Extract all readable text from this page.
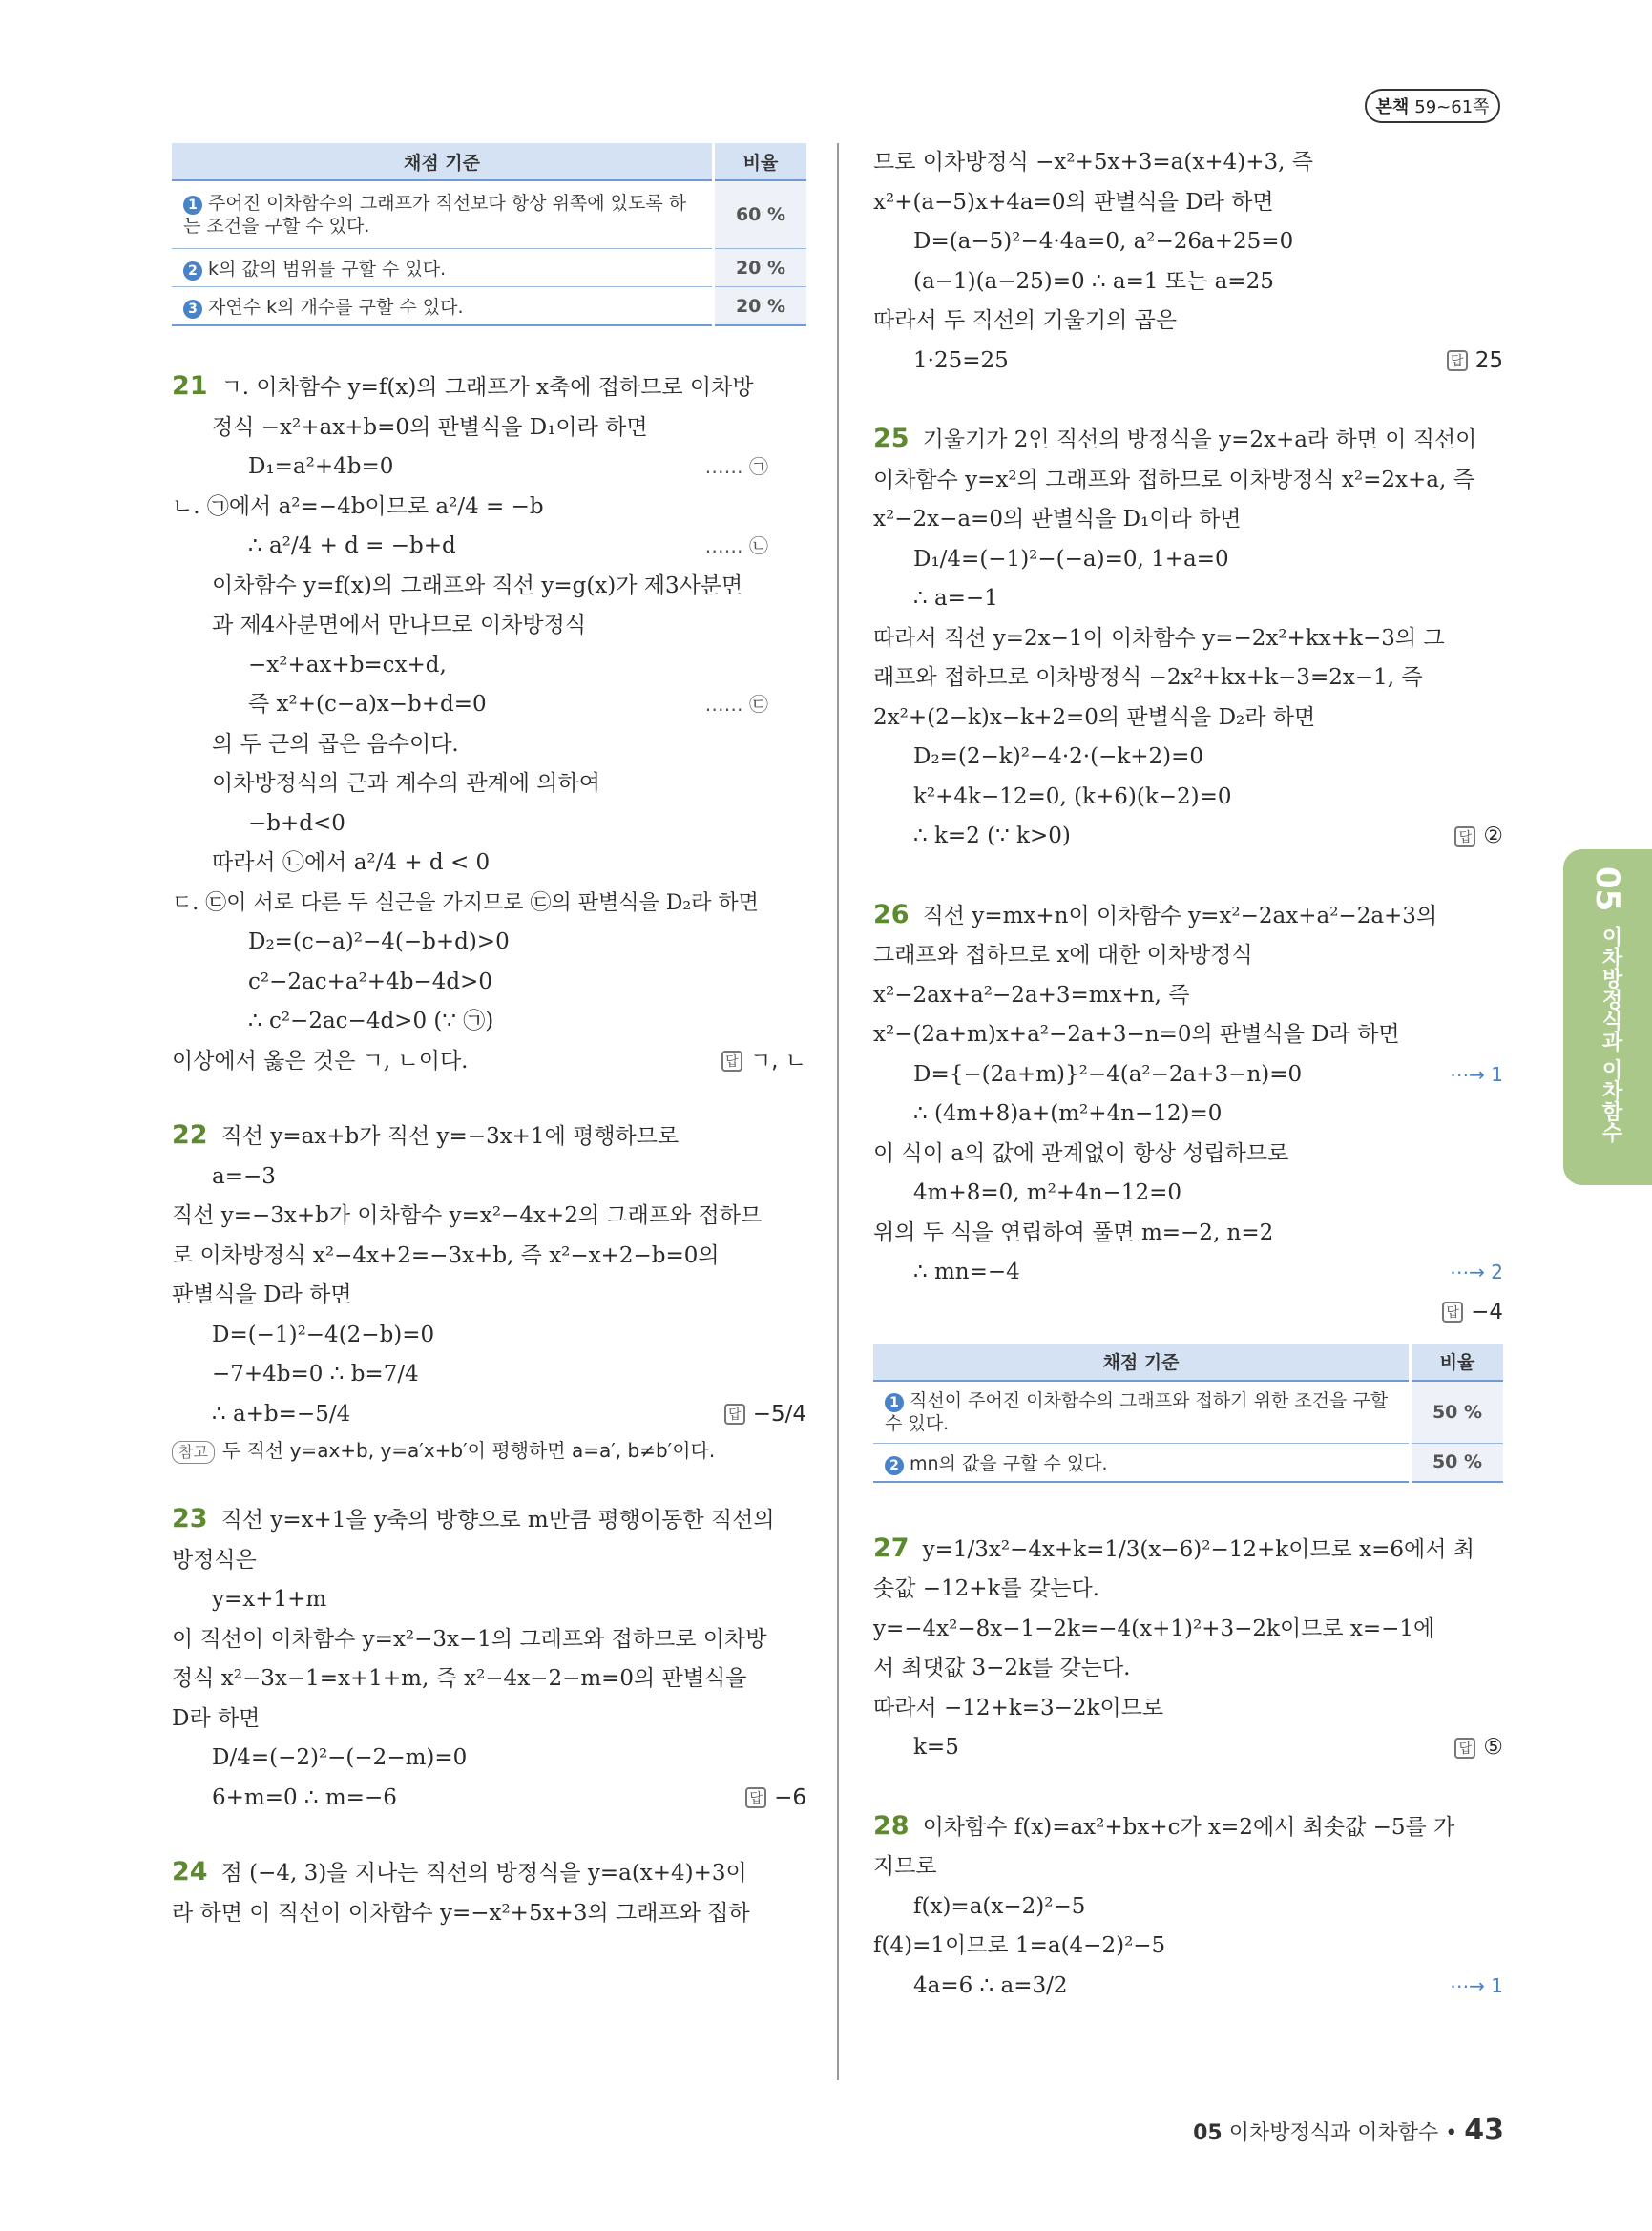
본책 59~61쪽
채점 기준	비율
1 주어진 이차함수의 그래프가 직선보다 항상 위쪽에 있도록 하는 조건을 구할 수 있다.	60 %
2 k의 값의 범위를 구할 수 있다.	20 %
3 자연수 k의 개수를 구할 수 있다.	20 %
21 ㄱ. 이차함수 y=f(x)의 그래프가 x축에 접하므로 이차방
정식 −x²+ax+b=0의 판별식을 D₁이라 하면
D₁=a²+4b=0	…… ㉠
ㄴ. ㉠에서 a²=−4b이므로 a²/4 = −b
∴ a²/4 + d = −b+d	…… ㉡
이차함수 y=f(x)의 그래프와 직선 y=g(x)가 제3사분면
과 제4사분면에서 만나므로 이차방정식
−x²+ax+b=cx+d,
즉 x²+(c−a)x−b+d=0	…… ㉢
의 두 근의 곱은 음수이다.
이차방정식의 근과 계수의 관계에 의하여
−b+d<0
따라서 ㉡에서 a²/4 + d < 0
ㄷ. ㉢이 서로 다른 두 실근을 가지므로 ㉢의 판별식을 D₂라 하면
D₂=(c−a)²−4(−b+d)>0
c²−2ac+a²+4b−4d>0
∴ c²−2ac−4d>0 (∵ ㉠)
이상에서 옳은 것은 ㄱ, ㄴ이다.	답 ㄱ, ㄴ
22 직선 y=ax+b가 직선 y=−3x+1에 평행하므로
a=−3
직선 y=−3x+b가 이차함수 y=x²−4x+2의 그래프와 접하므
로 이차방정식 x²−4x+2=−3x+b, 즉 x²−x+2−b=0의
판별식을 D라 하면
D=(−1)²−4(2−b)=0
−7+4b=0 ∴ b=7/4
∴ a+b=−5/4	답 −5/4
참고 두 직선 y=ax+b, y=a′x+b′이 평행하면 a=a′, b≠b′이다.
23 직선 y=x+1을 y축의 방향으로 m만큼 평행이동한 직선의
방정식은
y=x+1+m
이 직선이 이차함수 y=x²−3x−1의 그래프와 접하므로 이차방
정식 x²−3x−1=x+1+m, 즉 x²−4x−2−m=0의 판별식을
D라 하면
D/4=(−2)²−(−2−m)=0
6+m=0 ∴ m=−6	답 −6
24 점 (−4, 3)을 지나는 직선의 방정식을 y=a(x+4)+3이
라 하면 이 직선이 이차함수 y=−x²+5x+3의 그래프와 접하
므로 이차방정식 −x²+5x+3=a(x+4)+3, 즉
x²+(a−5)x+4a=0의 판별식을 D라 하면
D=(a−5)²−4·4a=0, a²−26a+25=0
(a−1)(a−25)=0 ∴ a=1 또는 a=25
따라서 두 직선의 기울기의 곱은
1·25=25	답 25
25 기울기가 2인 직선의 방정식을 y=2x+a라 하면 이 직선이
이차함수 y=x²의 그래프와 접하므로 이차방정식 x²=2x+a, 즉
x²−2x−a=0의 판별식을 D₁이라 하면
D₁/4=(−1)²−(−a)=0, 1+a=0
∴ a=−1
따라서 직선 y=2x−1이 이차함수 y=−2x²+kx+k−3의 그
래프와 접하므로 이차방정식 −2x²+kx+k−3=2x−1, 즉
2x²+(2−k)x−k+2=0의 판별식을 D₂라 하면
D₂=(2−k)²−4·2·(−k+2)=0
k²+4k−12=0, (k+6)(k−2)=0
∴ k=2 (∵ k>0)	답 ②
26 직선 y=mx+n이 이차함수 y=x²−2ax+a²−2a+3의
그래프와 접하므로 x에 대한 이차방정식
x²−2ax+a²−2a+3=mx+n, 즉
x²−(2a+m)x+a²−2a+3−n=0의 판별식을 D라 하면
D={−(2a+m)}²−4(a²−2a+3−n)=0	⋯→ 1
∴ (4m+8)a+(m²+4n−12)=0
이 식이 a의 값에 관계없이 항상 성립하므로
4m+8=0, m²+4n−12=0
위의 두 식을 연립하여 풀면 m=−2, n=2
∴ mn=−4	⋯→ 2
답 −4
채점 기준	비율
1 직선이 주어진 이차함수의 그래프와 접하기 위한 조건을 구할 수 있다.	50 %
2 mn의 값을 구할 수 있다.	50 %
27 y=1/3x²−4x+k=1/3(x−6)²−12+k이므로 x=6에서 최
솟값 −12+k를 갖는다.
y=−4x²−8x−1−2k=−4(x+1)²+3−2k이므로 x=−1에
서 최댓값 3−2k를 갖는다.
따라서 −12+k=3−2k이므로
k=5	답 ⑤
28 이차함수 f(x)=ax²+bx+c가 x=2에서 최솟값 −5를 가
지므로
f(x)=a(x−2)²−5
f(4)=1이므로 1=a(4−2)²−5
4a=6 ∴ a=3/2	⋯→ 1
05
이차방정식과 이차함수
05 이차방정식과 이차함수 • 43
